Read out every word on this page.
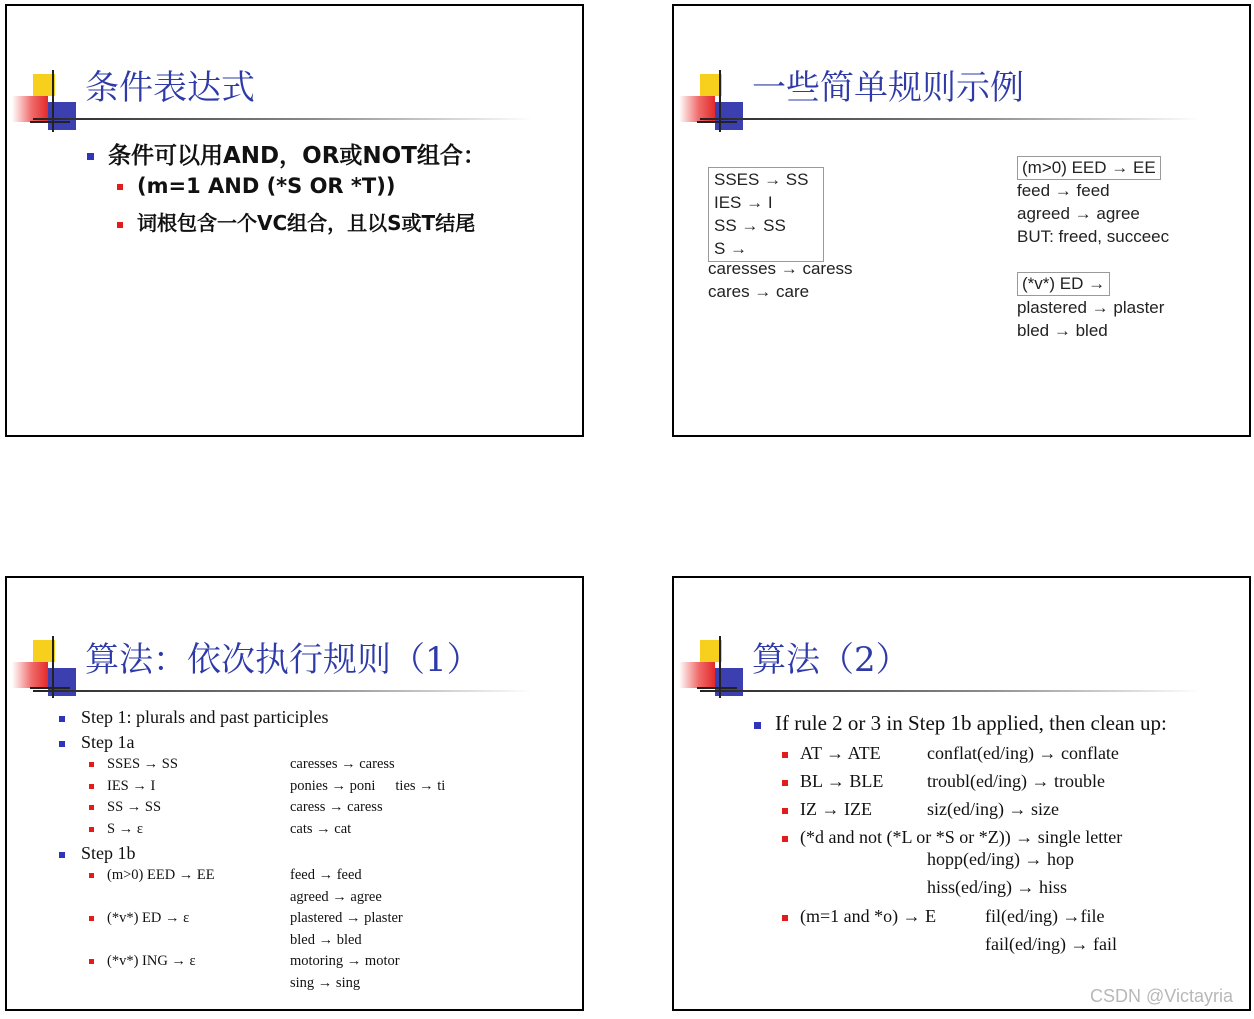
条件表达式
条件可以用AND，OR或NOT组合：
(m=1 AND (*S OR *T))
词根包含一个VC组合，且以S或T结尾
一些简单规则示例
SSES → SS
IES → I
SS → SS
S →
caresses → caress
cares → care
(m>0) EED → EE
feed → feed
agreed → agree
BUT: freed, succeec
(*v*) ED →
plastered → plaster
bled → bled
算法：依次执行规则（1）
Step 1: plurals and past participles
Step 1a
SSES → SS
IES → I
SS → SS
S → ε
caresses → caress
ponies → poni ties → ti
caress → caress
cats → cat
Step 1b
(m>0) EED → EE
(*v*) ED → ε
(*v*) ING → ε
feed → feed
agreed → agree
plastered → plaster
bled → bled
motoring → motor
sing → sing
算法（2）
If rule 2 or 3 in Step 1b applied, then clean up:
AT → ATE
BL → BLE
IZ → IZE
(*d and not (*L or *S or *Z)) → single letter
conflat(ed/ing) → conflate
troubl(ed/ing) → trouble
siz(ed/ing) → size
hopp(ed/ing) → hop
hiss(ed/ing) → hiss
(m=1 and *o) → E	fil(ed/ing) →file
fail(ed/ing) → fail
CSDN @Victayria
